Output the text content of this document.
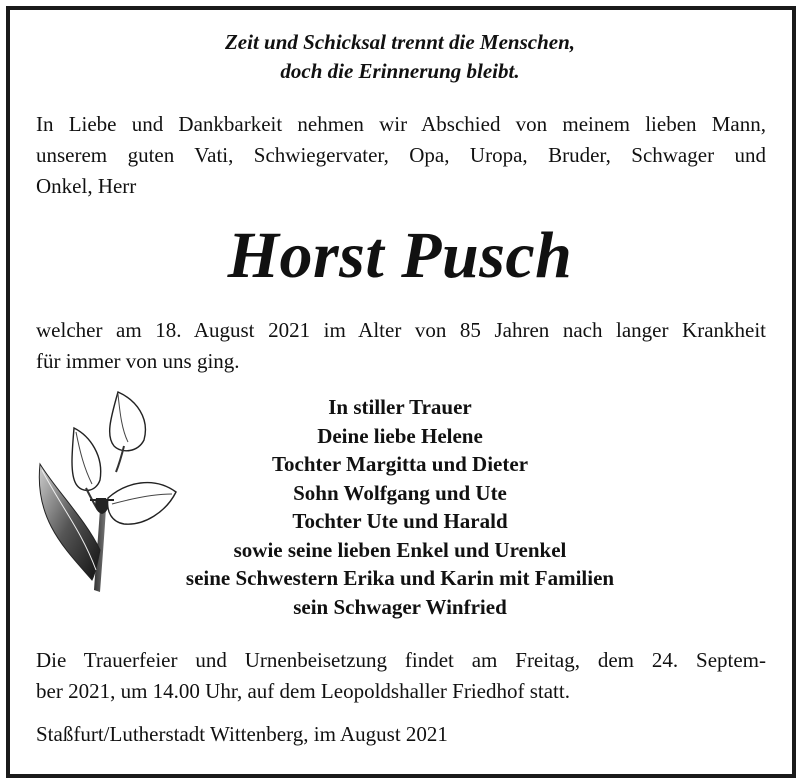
Zeit und Schicksal trennt die Menschen,
doch die Erinnerung bleibt.
In Liebe und Dankbarkeit nehmen wir Abschied von meinem lieben Mann,
unserem guten Vati, Schwiegervater, Opa, Uropa, Bruder, Schwager und
Onkel, Herr
Horst Pusch
welcher am 18. August 2021 im Alter von 85 Jahren nach langer Krankheit
für immer von uns ging.
In stiller Trauer
Deine liebe Helene
Tochter Margitta und Dieter
Sohn Wolfgang und Ute
Tochter Ute und Harald
sowie seine lieben Enkel und Urenkel
seine Schwestern Erika und Karin mit Familien
sein Schwager Winfried
Die Trauerfeier und Urnenbeisetzung findet am Freitag, dem 24. Septem-
ber 2021, um 14.00 Uhr, auf dem Leopoldshaller Friedhof statt.
Staßfurt/Lutherstadt Wittenberg, im August 2021
